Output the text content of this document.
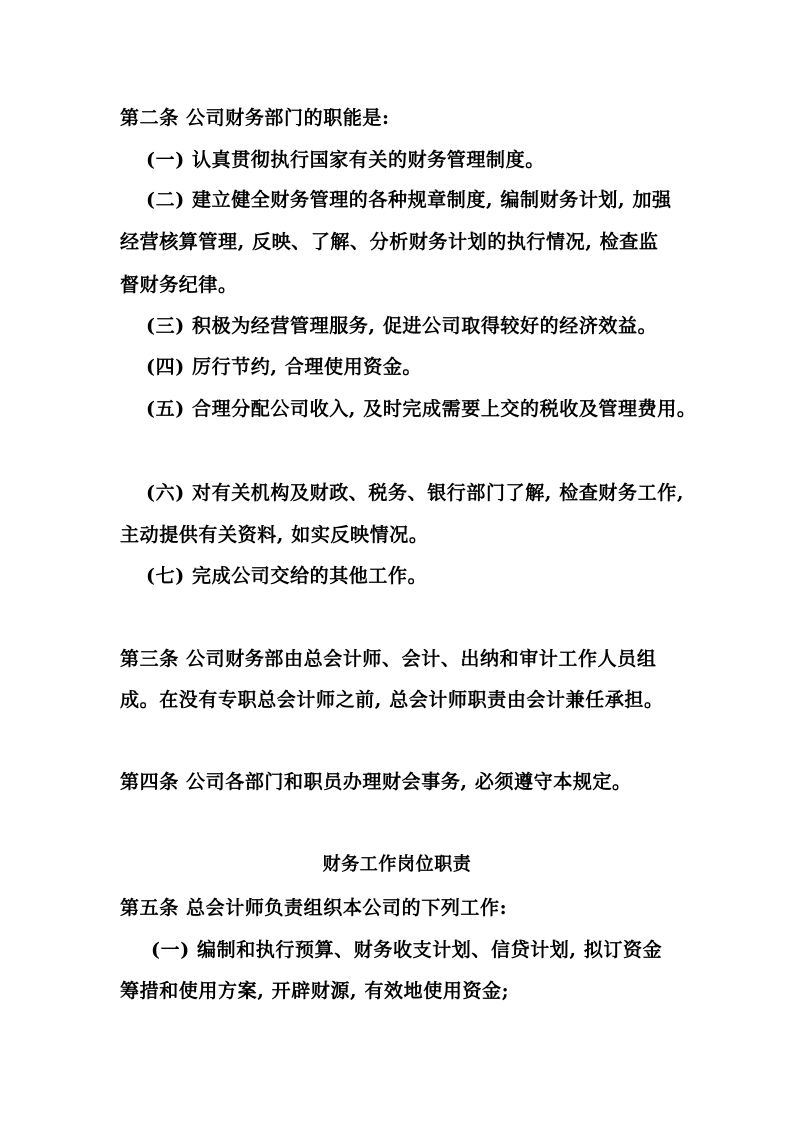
第二条 公司财务部门的职能是:
(一) 认真贯彻执行国家有关的财务管理制度。
(二) 建立健全财务管理的各种规章制度, 编制财务计划, 加强
经营核算管理, 反映、了解、分析财务计划的执行情况, 检查监
督财务纪律。
(三) 积极为经营管理服务, 促进公司取得较好的经济效益。
(四) 厉行节约, 合理使用资金。
(五) 合理分配公司收入, 及时完成需要上交的税收及管理费用。
(六) 对有关机构及财政、税务、银行部门了解, 检查财务工作,
主动提供有关资料, 如实反映情况。
(七) 完成公司交给的其他工作。
第三条 公司财务部由总会计师、会计、出纳和审计工作人员组
成。在没有专职总会计师之前, 总会计师职责由会计兼任承担。
第四条 公司各部门和职员办理财会事务, 必须遵守本规定。
财务工作岗位职责
第五条 总会计师负责组织本公司的下列工作:
(一) 编制和执行预算、财务收支计划、信贷计划, 拟订资金
筹措和使用方案, 开辟财源, 有效地使用资金;
